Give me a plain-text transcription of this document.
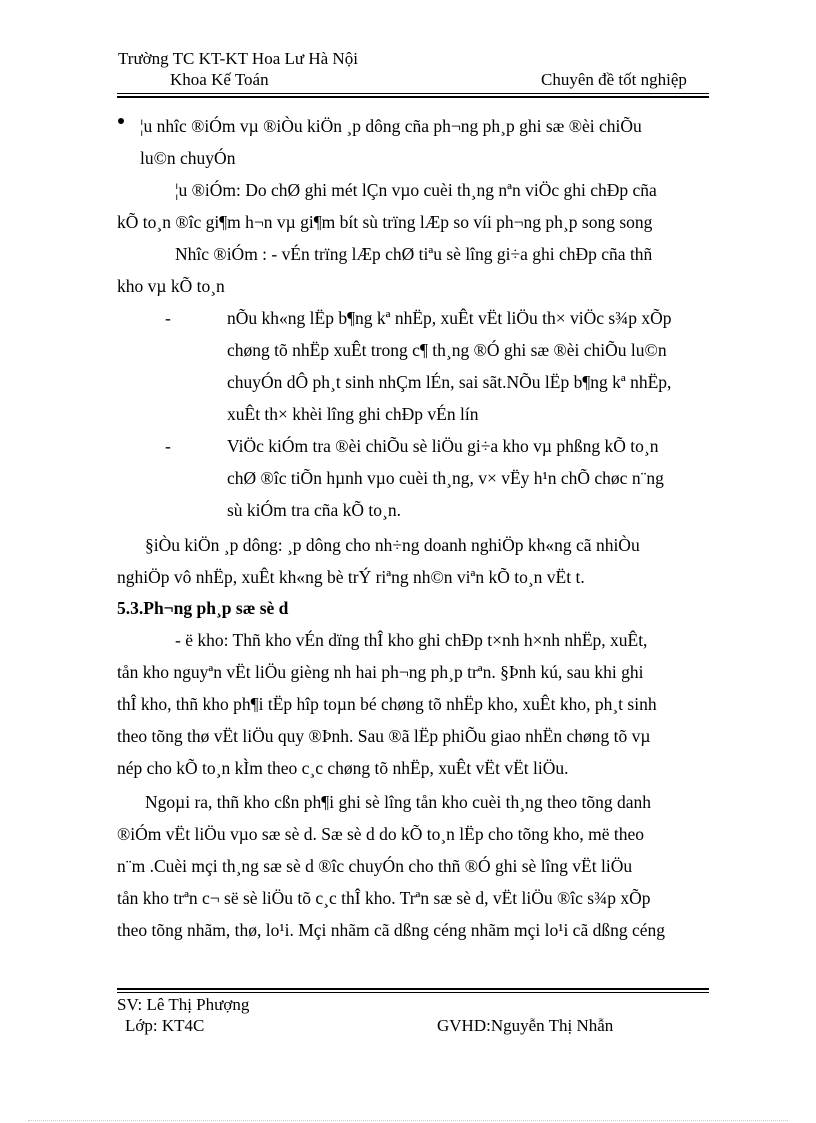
Trường TC KT-KT Hoa Lư Hà Nội
Khoa Kế Toán	Chuyên đề tốt nghiệp
¦u nhîc ®iÓm vµ ®iÒu kiÖn ¸p dông cña ph¬ng ph¸p ghi sæ ®èi chiÕu
lu©n chuyÓn
¦u ®iÓm: Do chØ ghi mét lÇn vµo cuèi th¸ng nªn viÖc ghi chÐp cña
kÕ to¸n ®îc gi¶m h¬n vµ gi¶m bít sù trïng lÆp so víi ph¬ng ph¸p song song
Nhîc ®iÓm : - vÉn trïng lÆp chØ tiªu sè lîng gi÷a ghi chÐp cña thñ
kho vµ kÕ to¸n
-	nÕu kh«ng lËp b¶ng kª nhËp, xuÊt vËt liÖu th× viÖc s¾p xÕp
chøng tõ nhËp xuÊt trong c¶ th¸ng ®Ó ghi sæ ®èi chiÕu lu©n
chuyÓn dÔ ph¸t sinh nhÇm lÉn, sai sãt.NÕu lËp b¶ng kª nhËp,
xuÊt th× khèi lîng ghi chÐp vÉn lín
-	ViÖc kiÓm tra ®èi chiÕu sè liÖu gi÷a kho vµ phßng kÕ to¸n
chØ ®îc tiÕn hµnh vµo cuèi th¸ng, v× vËy h¹n chÕ chøc n¨ng
sù kiÓm tra cña kÕ to¸n.
§iÒu kiÖn ¸p dông: ¸p dông cho nh÷ng doanh nghiÖp kh«ng cã nhiÒu
nghiÖp vô nhËp, xuÊt kh«ng bè trÝ riªng nh©n viªn kÕ to¸n vËt t.
5.3.Ph¬ng ph¸p sæ sè d
- ë kho: Thñ kho vÉn dïng thÎ kho ghi chÐp t×nh h×nh nhËp, xuÊt,
tån kho nguyªn vËt liÖu gièng nh hai ph¬ng ph¸p trªn. §Þnh kú, sau khi ghi
thÎ kho, thñ kho ph¶i tËp hîp toµn bé chøng tõ nhËp kho, xuÊt kho, ph¸t sinh
theo tõng thø vËt liÖu quy ®Þnh. Sau ®ã lËp phiÕu giao nhËn chøng tõ vµ
nép cho kÕ to¸n kÌm theo c¸c chøng tõ nhËp, xuÊt vËt vËt liÖu.
Ngoµi ra, thñ kho cßn ph¶i ghi sè lîng tån kho cuèi th¸ng theo tõng danh
®iÓm vËt liÖu vµo sæ sè d. Sæ sè d do kÕ to¸n lËp cho tõng kho, më theo
n¨m .Cuèi mçi th¸ng sæ sè d ®îc chuyÓn cho thñ ®Ó ghi sè lîng vËt liÖu
tån kho trªn c¬ së sè liÖu tõ c¸c thÎ kho. Trªn sæ sè d, vËt liÖu ®îc s¾p xÕp
theo tõng nhãm, thø, lo¹i. Mçi nhãm cã dßng céng nhãm mçi lo¹i cã dßng céng
SV: Lê Thị Phượng
Lớp: KT4C	GVHD:Nguyễn Thị Nhẫn
